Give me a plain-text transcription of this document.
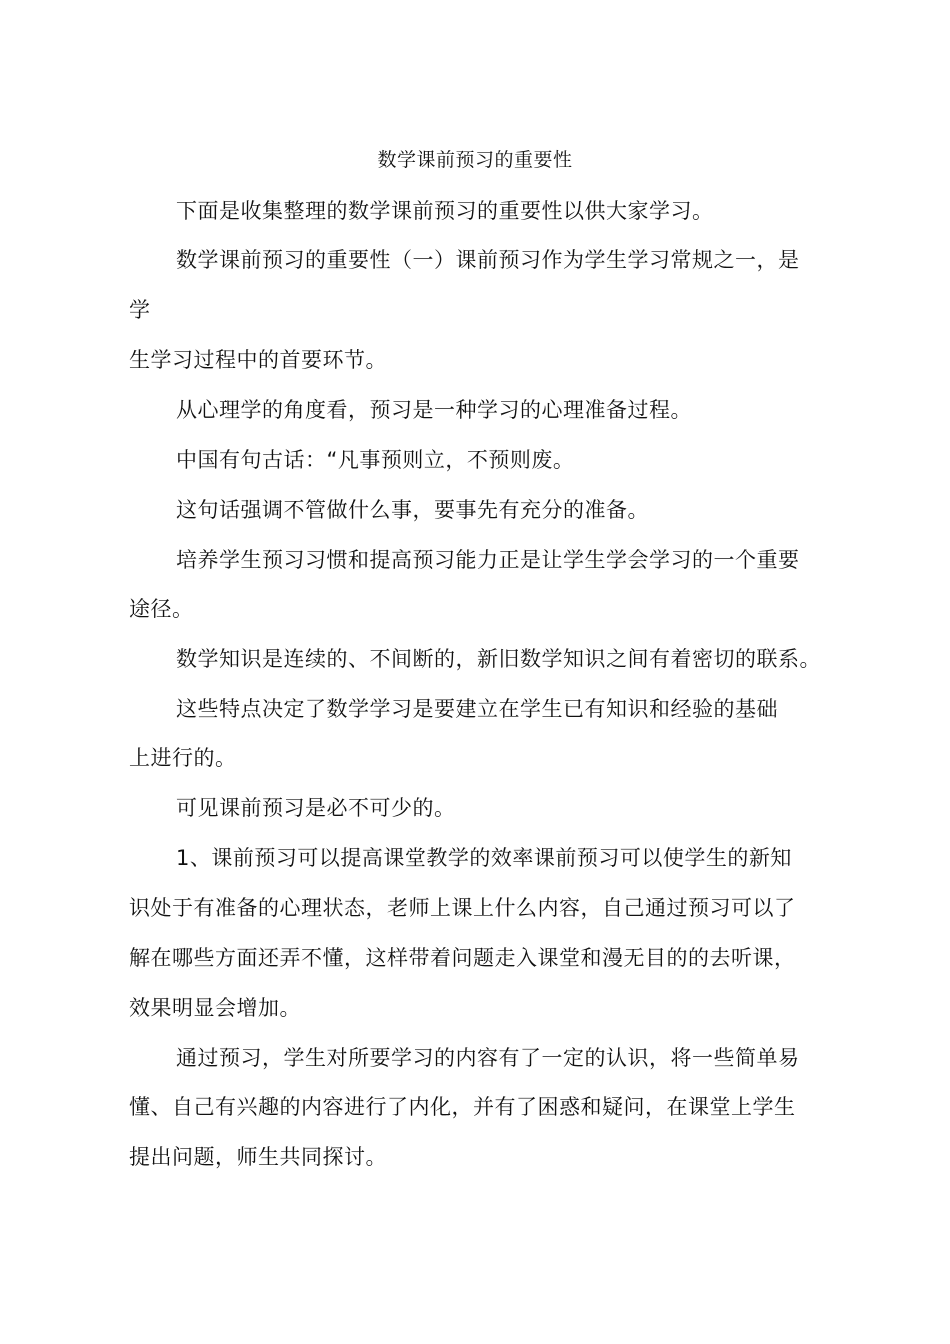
数学课前预习的重要性
下面是收集整理的数学课前预习的重要性以供大家学习。
数学课前预习的重要性（一）课前预习作为学生学习常规之一，是
学
生学习过程中的首要环节。
从心理学的角度看，预习是一种学习的心理准备过程。
中国有句古话：“凡事预则立，不预则废。
这句话强调不管做什么事，要事先有充分的准备。
培养学生预习习惯和提高预习能力正是让学生学会学习的一个重要
途径。
数学知识是连续的、不间断的，新旧数学知识之间有着密切的联系。
这些特点决定了数学学习是要建立在学生已有知识和经验的基础
上进行的。
可见课前预习是必不可少的。
1、课前预习可以提高课堂教学的效率课前预习可以使学生的新知
识处于有准备的心理状态，老师上课上什么内容，自己通过预习可以了
解在哪些方面还弄不懂，这样带着问题走入课堂和漫无目的的去听课，
效果明显会增加。
通过预习，学生对所要学习的内容有了一定的认识，将一些简单易
懂、自己有兴趣的内容进行了内化，并有了困惑和疑问，在课堂上学生
提出问题，师生共同探讨。
